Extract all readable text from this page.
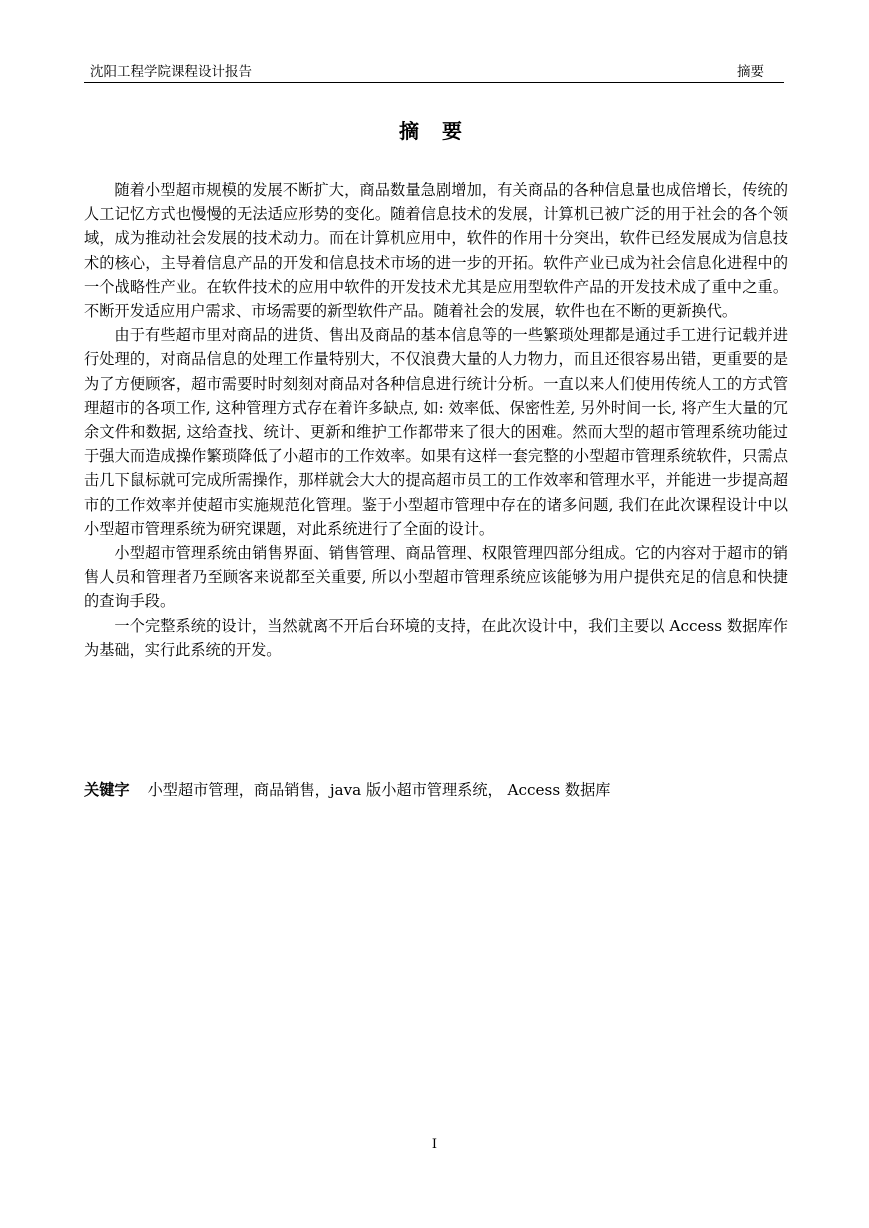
沈阳工程学院课程设计报告	摘要
摘 要

随着小型超市规模的发展不断扩大，商品数量急剧增加，有关商品的各种信息量也成倍增长，传统的人工记忆方式也慢慢的无法适应形势的变化。随着信息技术的发展，计算机已被广泛的用于社会的各个领域，成为推动社会发展的技术动力。而在计算机应用中，软件的作用十分突出，软件已经发展成为信息技术的核心，主导着信息产品的开发和信息技术市场的进一步的开拓。软件产业已成为社会信息化进程中的一个战略性产业。在软件技术的应用中软件的开发技术尤其是应用型软件产品的开发技术成了重中之重。不断开发适应用户需求、市场需要的新型软件产品。随着社会的发展，软件也在不断的更新换代。

由于有些超市里对商品的进货、售出及商品的基本信息等的一些繁琐处理都是通过手工进行记载并进行处理的，对商品信息的处理工作量特别大，不仅浪费大量的人力物力，而且还很容易出错，更重要的是为了方便顾客，超市需要时时刻刻对商品对各种信息进行统计分析。一直以来人们使用传统人工的方式管理超市的各项工作, 这种管理方式存在着许多缺点, 如: 效率低、保密性差, 另外时间一长, 将产生大量的冗余文件和数据, 这给查找、统计、更新和维护工作都带来了很大的困难。然而大型的超市管理系统功能过于强大而造成操作繁琐降低了小超市的工作效率。如果有这样一套完整的小型超市管理系统软件，只需点击几下鼠标就可完成所需操作，那样就会大大的提高超市员工的工作效率和管理水平，并能进一步提高超市的工作效率并使超市实施规范化管理。鉴于小型超市管理中存在的诸多问题, 我们在此次课程设计中以小型超市管理系统为研究课题，对此系统进行了全面的设计。

小型超市管理系统由销售界面、销售管理、商品管理、权限管理四部分组成。它的内容对于超市的销售人员和管理者乃至顾客来说都至关重要, 所以小型超市管理系统应该能够为用户提供充足的信息和快捷的查询手段。

一个完整系统的设计，当然就离不开后台环境的支持，在此次设计中，我们主要以 Access 数据库作为基础，实行此系统的开发。

关键字 小型超市管理，商品销售，java 版小超市管理系统， Access 数据库
I
